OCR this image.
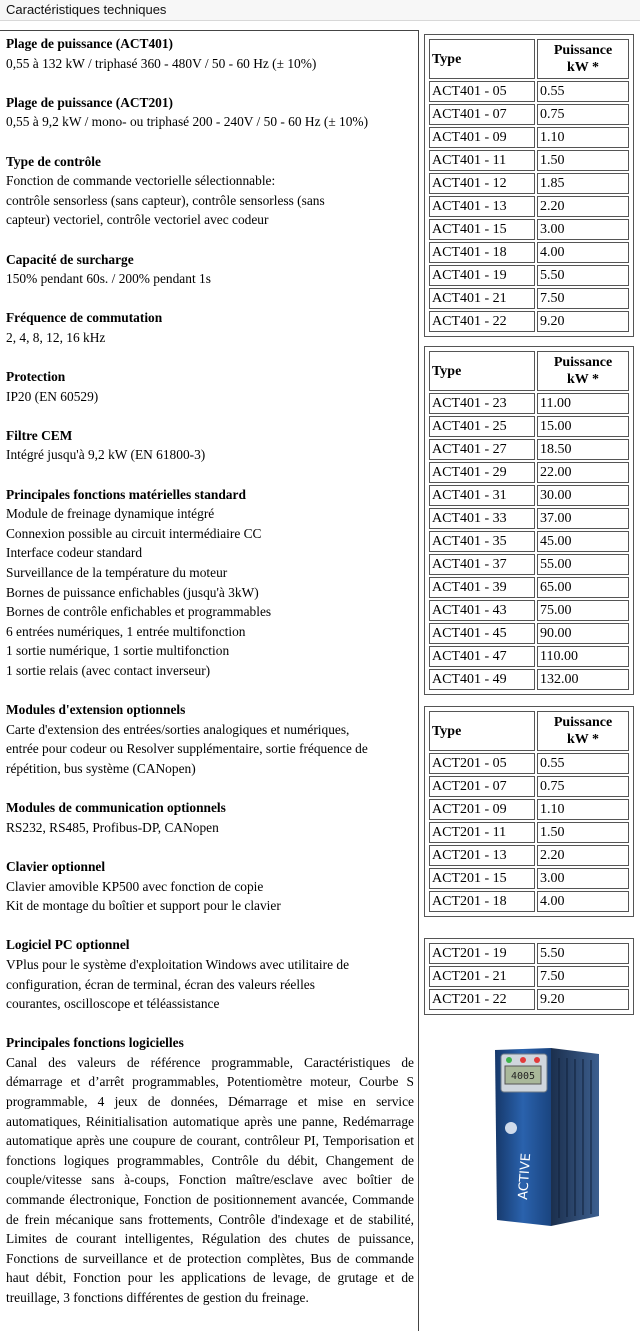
Caractéristiques techniques
Plage de puissance (ACT401)
0,55 à 132 kW / triphasé 360 - 480V / 50 - 60 Hz (± 10%)
Plage de puissance (ACT201)
0,55 à 9,2 kW / mono- ou triphasé 200 - 240V / 50 - 60 Hz (± 10%)
Type de contrôle
Fonction de commande vectorielle sélectionnable:
contrôle sensorless (sans capteur), contrôle sensorless (sans
capteur) vectoriel, contrôle vectoriel avec codeur
Capacité de surcharge
150% pendant 60s. / 200% pendant 1s
Fréquence de commutation
2, 4, 8, 12, 16 kHz
Protection
IP20 (EN 60529)
Filtre CEM
Intégré jusqu'à 9,2 kW (EN 61800-3)
Principales fonctions matérielles standard
Module de freinage dynamique intégré
Connexion possible au circuit intermédiaire CC
Interface codeur standard
Surveillance de la température du moteur
Bornes de puissance enfichables (jusqu'à 3kW)
Bornes de contrôle enfichables et programmables
6 entrées numériques, 1 entrée multifonction
1 sortie numérique, 1 sortie multifonction
1 sortie relais (avec contact inverseur)
Modules d'extension optionnels
Carte d'extension des entrées/sorties analogiques et numériques,
entrée pour codeur ou Resolver supplémentaire, sortie fréquence de
répétition, bus système (CANopen)
Modules de communication optionnels
RS232, RS485, Profibus-DP, CANopen
Clavier optionnel
Clavier amovible KP500 avec fonction de copie
Kit de montage du boîtier et support pour le clavier
Logiciel PC optionnel
VPlus pour le système d'exploitation Windows avec utilitaire de
configuration, écran de terminal, écran des valeurs réelles
courantes, oscilloscope et téléassistance
Principales fonctions logicielles
Canal des valeurs de référence programmable, Caractéristiques de démarrage et d’arrêt programmables, Potentiomètre moteur, Courbe S programmable, 4 jeux de données, Démarrage et mise en service automatiques, Réinitialisation automatique après une panne, Redémarrage automatique après une coupure de courant, contrôleur PI, Temporisation et fonctions logiques programmables, Contrôle du débit, Changement de couple/vitesse sans à-coups, Fonction maître/esclave avec boîtier de commande électronique, Fonction de positionnement avancée, Commande de frein mécanique sans frottements, Contrôle d'indexage et de stabilité, Limites de courant intelligentes, Régulation des chutes de puissance, Fonctions de surveillance et de protection complètes, Bus de commande haut débit, Fonction pour les applications de levage, de grutage et de treuillage, 3 fonctions différentes de gestion du freinage.
Type	Puissance
kW *

ACT401 - 05	0.55
ACT401 - 07	0.75
ACT401 - 09	1.10
ACT401 - 11	1.50
ACT401 - 12	1.85
ACT401 - 13	2.20
ACT401 - 15	3.00
ACT401 - 18	4.00
ACT401 - 19	5.50
ACT401 - 21	7.50
ACT401 - 22	9.20
Type	Puissance
kW *

ACT401 - 23	11.00
ACT401 - 25	15.00
ACT401 - 27	18.50
ACT401 - 29	22.00
ACT401 - 31	30.00
ACT401 - 33	37.00
ACT401 - 35	45.00
ACT401 - 37	55.00
ACT401 - 39	65.00
ACT401 - 43	75.00
ACT401 - 45	90.00
ACT401 - 47	110.00
ACT401 - 49	132.00
Type	Puissance
kW *

ACT201 - 05	0.55
ACT201 - 07	0.75
ACT201 - 09	1.10
ACT201 - 11	1.50
ACT201 - 13	2.20
ACT201 - 15	3.00
ACT201 - 18	4.00
ACT201 - 19	5.50
ACT201 - 21	7.50
ACT201 - 22	9.20
4005
ACTIVE
